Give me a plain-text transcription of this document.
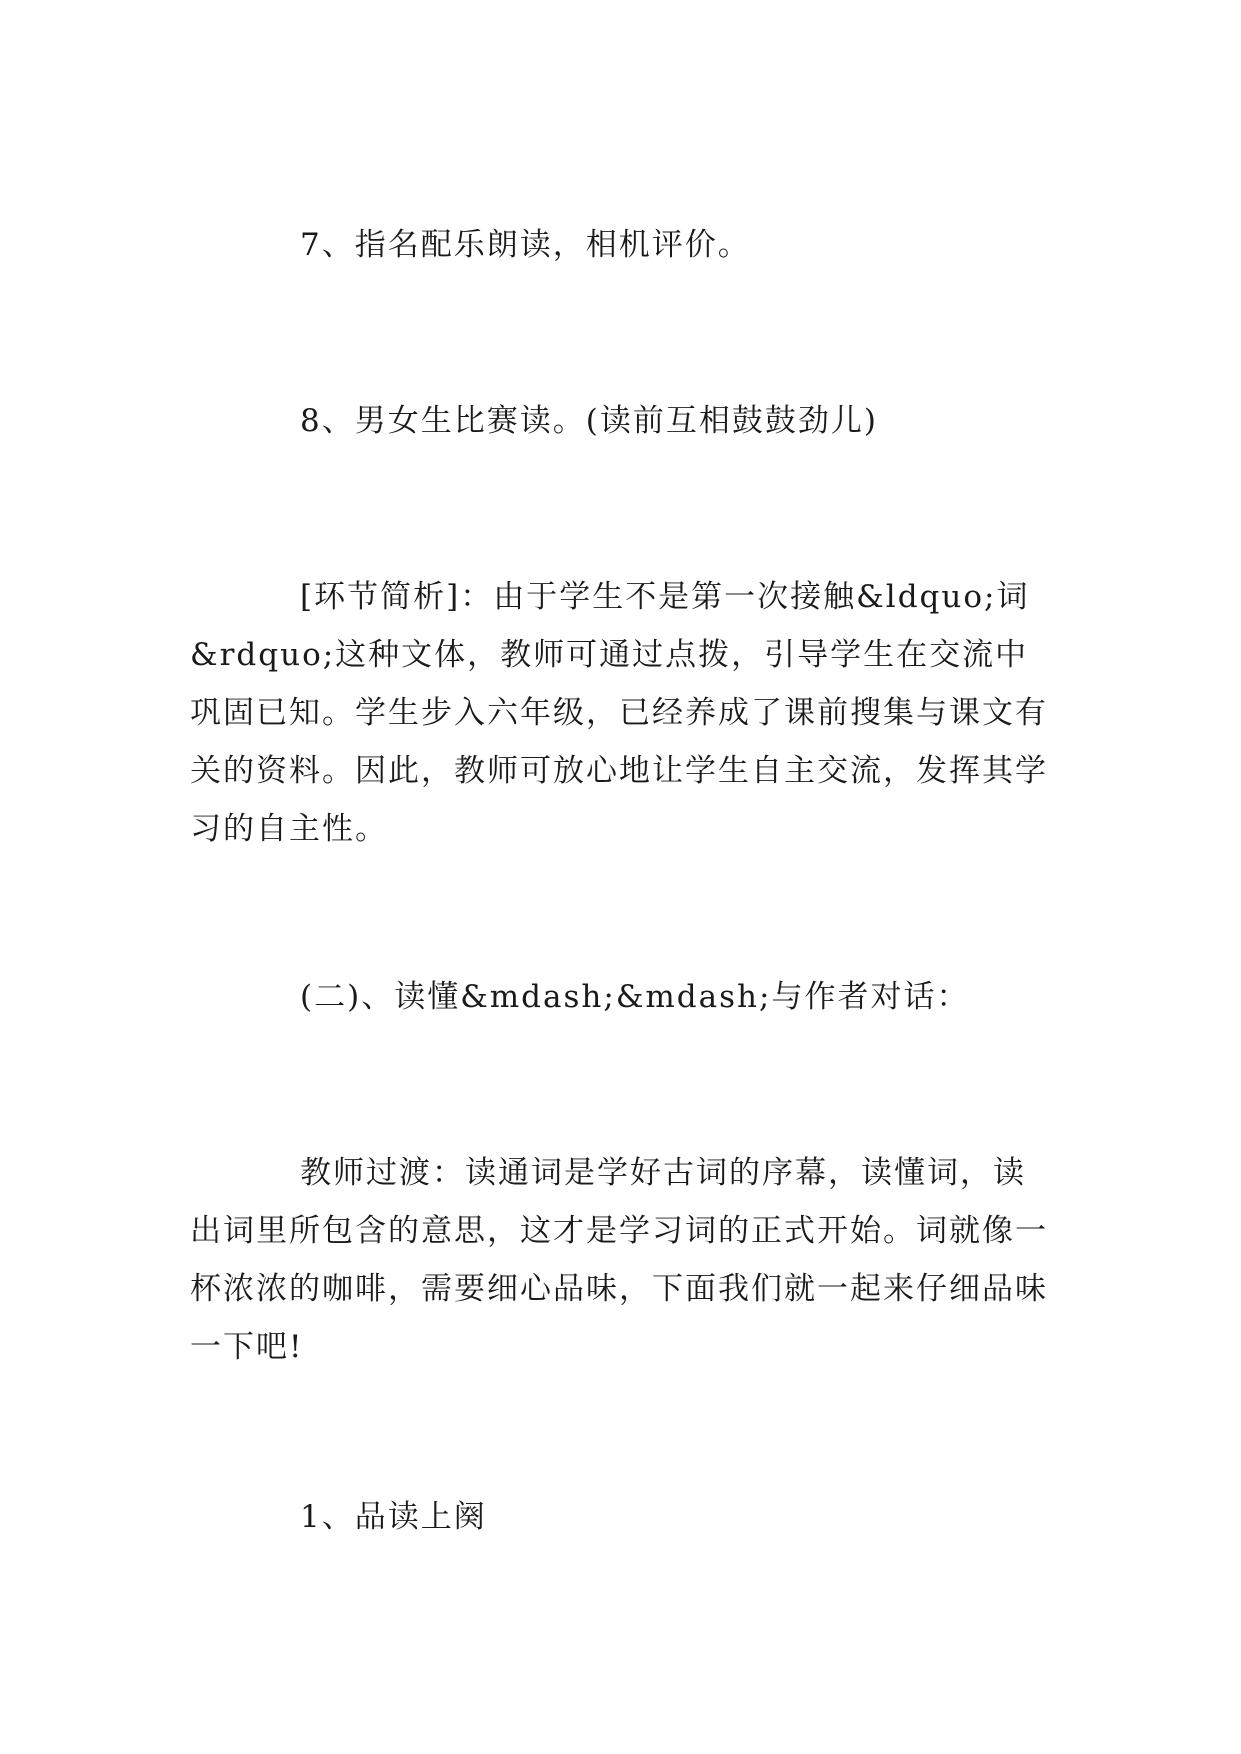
7、指名配乐朗读，相机评价。

8、男女生比赛读。(读前互相鼓鼓劲儿)

[环节简析]：由于学生不是第一次接触&ldquo;词&rdquo;这种文体，教师可通过点拨，引导学生在交流中巩固已知。学生步入六年级，已经养成了课前搜集与课文有关的资料。因此，教师可放心地让学生自主交流，发挥其学习的自主性。

(二)、读懂&mdash;&mdash;与作者对话：

教师过渡：读通词是学好古词的序幕，读懂词，读出词里所包含的意思，这才是学习词的正式开始。词就像一杯浓浓的咖啡，需要细心品味，下面我们就一起来仔细品味一下吧!

1、品读上阕
